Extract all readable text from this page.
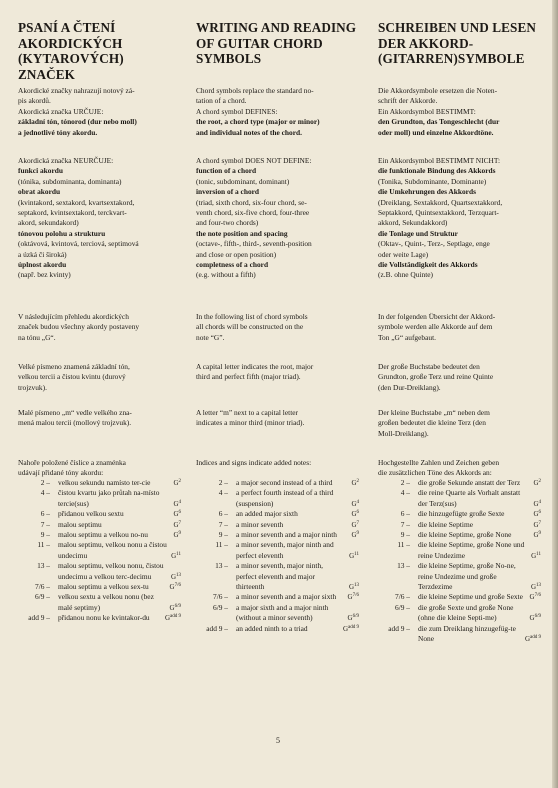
PSANÍ A ČTENÍ
AKORDICKÝCH
(KYTAROVÝCH) ZNAČEK
Akordické značky nahrazují notový zá-
pis akordů.
Akordická značka URČUJE:
základní tón, tónorod (dur nebo moll)
a jednotlivé tóny akordu.
Akordická značka NEURČUJE:
funkci akordu
(tónika, subdominanta, dominanta)
obrat akordu
(kvintakord, sextakord, kvartsextakord,
septakord, kvintsextakord, terckvart-
akord, sekundakord)
tónovou polohu a strukturu
(oktávová, kvintová, terciová, septimová
a úzká či široká)
úplnost akordu
(např. bez kvinty)
V následujícím přehledu akordických
značek budou všechny akordy postaveny
na tónu „G“.
Velké písmeno znamená základní tón,
velkou tercii a čistou kvintu (durový
trojzvuk).
Malé písmeno „m“ vedle velkého zna-
mená malou tercii (mollový trojzvuk).
Nahoře položené číslice a znaménka
udávají přidané tóny akordu:
2 – velkou sekundu namísto ter-cie	$G^2$
4 – čistou kvartu jako průtah na-místo tercie(sus)	$G^4$
6 – přidanou velkou sextu	$G^6$
7 – malou septimu	$G^7$
9 – malou septimu a velkou no-nu	$G^9$
11 – malou septimu, velkou nonu a čistou undecimu	$G^{11}$
13 – malou septimu, velkou nonu, čistou undecimu a velkou terc-decimu	$G^{13}$
7/6 – malou septimu a velkou sex-tu	$G^{7/6}$
6/9 – velkou sextu a velkou nonu (bez malé septimy)	$G^{6/9}$
add 9 – přidanou nonu ke kvintakor-du	$G^{add 9}$
WRITING AND READING
OF GUITAR CHORD
SYMBOLS
Chord symbols replace the standard no-
tation of a chord.
A chord symbol DEFINES:
the root, a chord type (major or minor)
and individual notes of the chord.
A chord symbol DOES NOT DEFINE:
function of a chord
(tonic, subdominant, dominant)
inversion of a chord
(triad, sixth chord, six-four chord, se-
venth chord, six-five chord, four-three
and four-two chords)
the note position and spacing
(octave-, fifth-, third-, seventh-position
and close or open position)
completness of a chord
(e.g. without a fifth)
In the following list of chord symbols
all chords will be constructed on the
note “G”.
A capital letter indicates the root, major
third and perfect fifth (major triad).
A letter “m” next to a capital letter
indicates a minor third (minor triad).
Indices and signs indicate added notes:
2 – a major second instead of a third	$G^2$
4 – a perfect fourth instead of a third (suspension)	$G^4$
6 – an added major sixth	$G^6$
7 – a minor seventh	$G^7$
9 – a minor seventh and a major ninth	$G^9$
11 – a minor seventh, major ninth and perfect eleventh	$G^{11}$
13 – a minor seventh, major ninth, perfect eleventh and major thirteenth	$G^{13}$
7/6 – a minor seventh and a major sixth	$G^{7/6}$
6/9 – a major sixth and a major ninth (without a minor seventh)	$G^{6/9}$
add 9 – an added ninth to a triad	$G^{add 9}$
SCHREIBEN UND LESEN
DER AKKORD-
(GITARREN)SYMBOLE
Die Akkordsymbole ersetzen die Noten-
schrift der Akkorde.
Ein Akkordsymbol BESTIMMT:
den Grundton, das Tongeschlecht (dur
oder moll) und einzelne Akkordtöne.
Ein Akkordsymbol BESTIMMT NICHT:
die funktionale Bindung des Akkords
(Tonika, Subdominante, Dominante)
die Umkehrungen des Akkords
(Dreiklang, Sextakkord, Quartsextakkord,
Septakkord, Quintsextakkord, Terzquart-
akkord, Sekundakkord)
die Tonlage und Struktur
(Oktav-, Quint-, Terz-, Septlage, enge
oder weite Lage)
die Vollständigkeit des Akkords
(z.B. ohne Quinte)
In der folgenden Übersicht der Akkord-
symbole werden alle Akkorde auf dem
Ton „G“ aufgebaut.
Der große Buchstabe bedeutet den
Grundton, große Terz und reine Quinte
(den Dur-Dreiklang).
Der kleine Buchstabe „m“ neben dem
großen bedeutet die kleine Terz (den
Moll-Dreiklang).
Hochgestellte Zahlen und Zeichen geben
die zusätzlichen Töne des Akkords an:
2 – die große Sekunde anstatt der Terz	$G^2$
4 – die reine Quarte als Vorhalt anstatt der Terz(sus)	$G^4$
6 – die hinzugefügte große Sexte	$G^6$
7 – die kleine Septime	$G^7$
9 – die kleine Septime, große None	$G^9$
11 – die kleine Septime, große None und reine Undezime	$G^{11}$
13 – die kleine Septime, große No-ne, reine Undezime und große Terzdezime	$G^{13}$
7/6 – die kleine Septime und große Sexte $G^{7/6}$
6/9 – die große Sexte und große None (ohne die kleine Septi-me)	$G^{6/9}$
add 9 – die zum Dreiklang hinzugefüg-te None	$G^{add 9}$
5
